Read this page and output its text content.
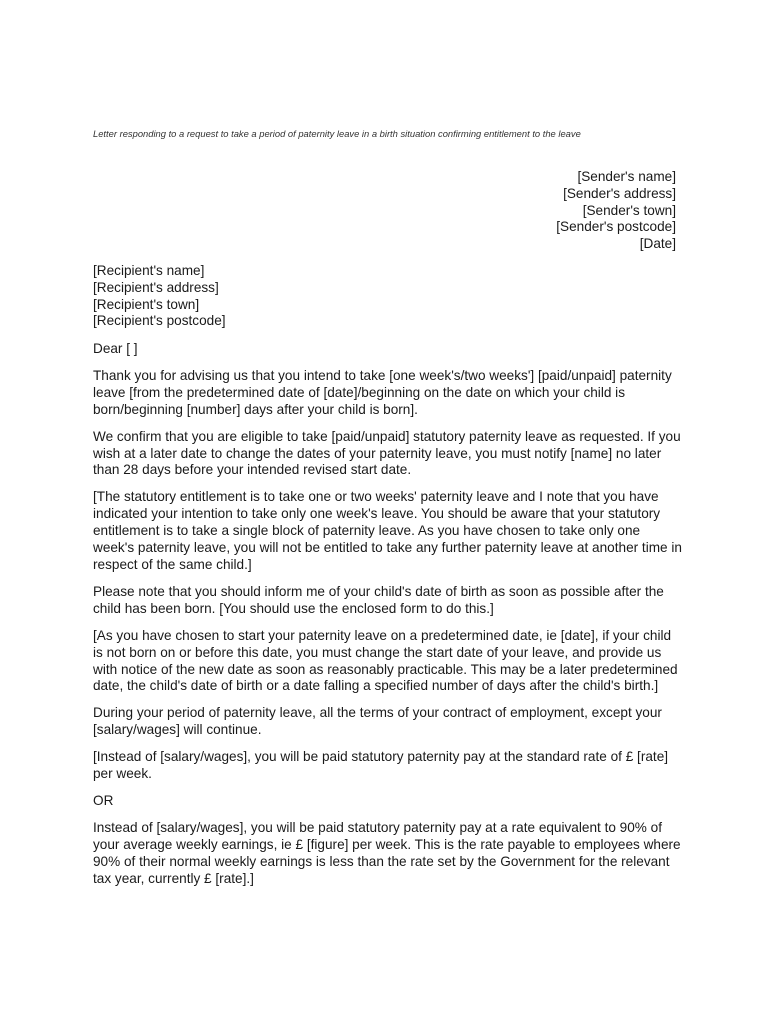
Letter responding to a request to take a period of paternity leave in a birth situation confirming entitlement to the leave
[Sender's name]
[Sender's address]
[Sender's town]
[Sender's postcode]
[Date]
[Recipient's name]
[Recipient's address]
[Recipient's town]
[Recipient's postcode]

Dear [ ]

Thank you for advising us that you intend to take [one week's/two weeks'] [paid/unpaid] paternity leave [from the predetermined date of [date]/beginning on the date on which your child is born/beginning [number] days after your child is born].

We confirm that you are eligible to take [paid/unpaid] statutory paternity leave as requested. If you wish at a later date to change the dates of your paternity leave, you must notify [name] no later than 28 days before your intended revised start date.

[The statutory entitlement is to take one or two weeks' paternity leave and I note that you have indicated your intention to take only one week's leave. You should be aware that your statutory entitlement is to take a single block of paternity leave. As you have chosen to take only one week's paternity leave, you will not be entitled to take any further paternity leave at another time in respect of the same child.]

Please note that you should inform me of your child's date of birth as soon as possible after the child has been born. [You should use the enclosed form to do this.]

[As you have chosen to start your paternity leave on a predetermined date, ie [date], if your child is not born on or before this date, you must change the start date of your leave, and provide us with notice of the new date as soon as reasonably practicable. This may be a later predetermined date, the child's date of birth or a date falling a specified number of days after the child's birth.]

During your period of paternity leave, all the terms of your contract of employment, except your [salary/wages] will continue.

[Instead of [salary/wages], you will be paid statutory paternity pay at the standard rate of £ [rate] per week.

OR

Instead of [salary/wages], you will be paid statutory paternity pay at a rate equivalent to 90% of your average weekly earnings, ie £ [figure] per week. This is the rate payable to employees where 90% of their normal weekly earnings is less than the rate set by the Government for the relevant tax year, currently £ [rate].]
